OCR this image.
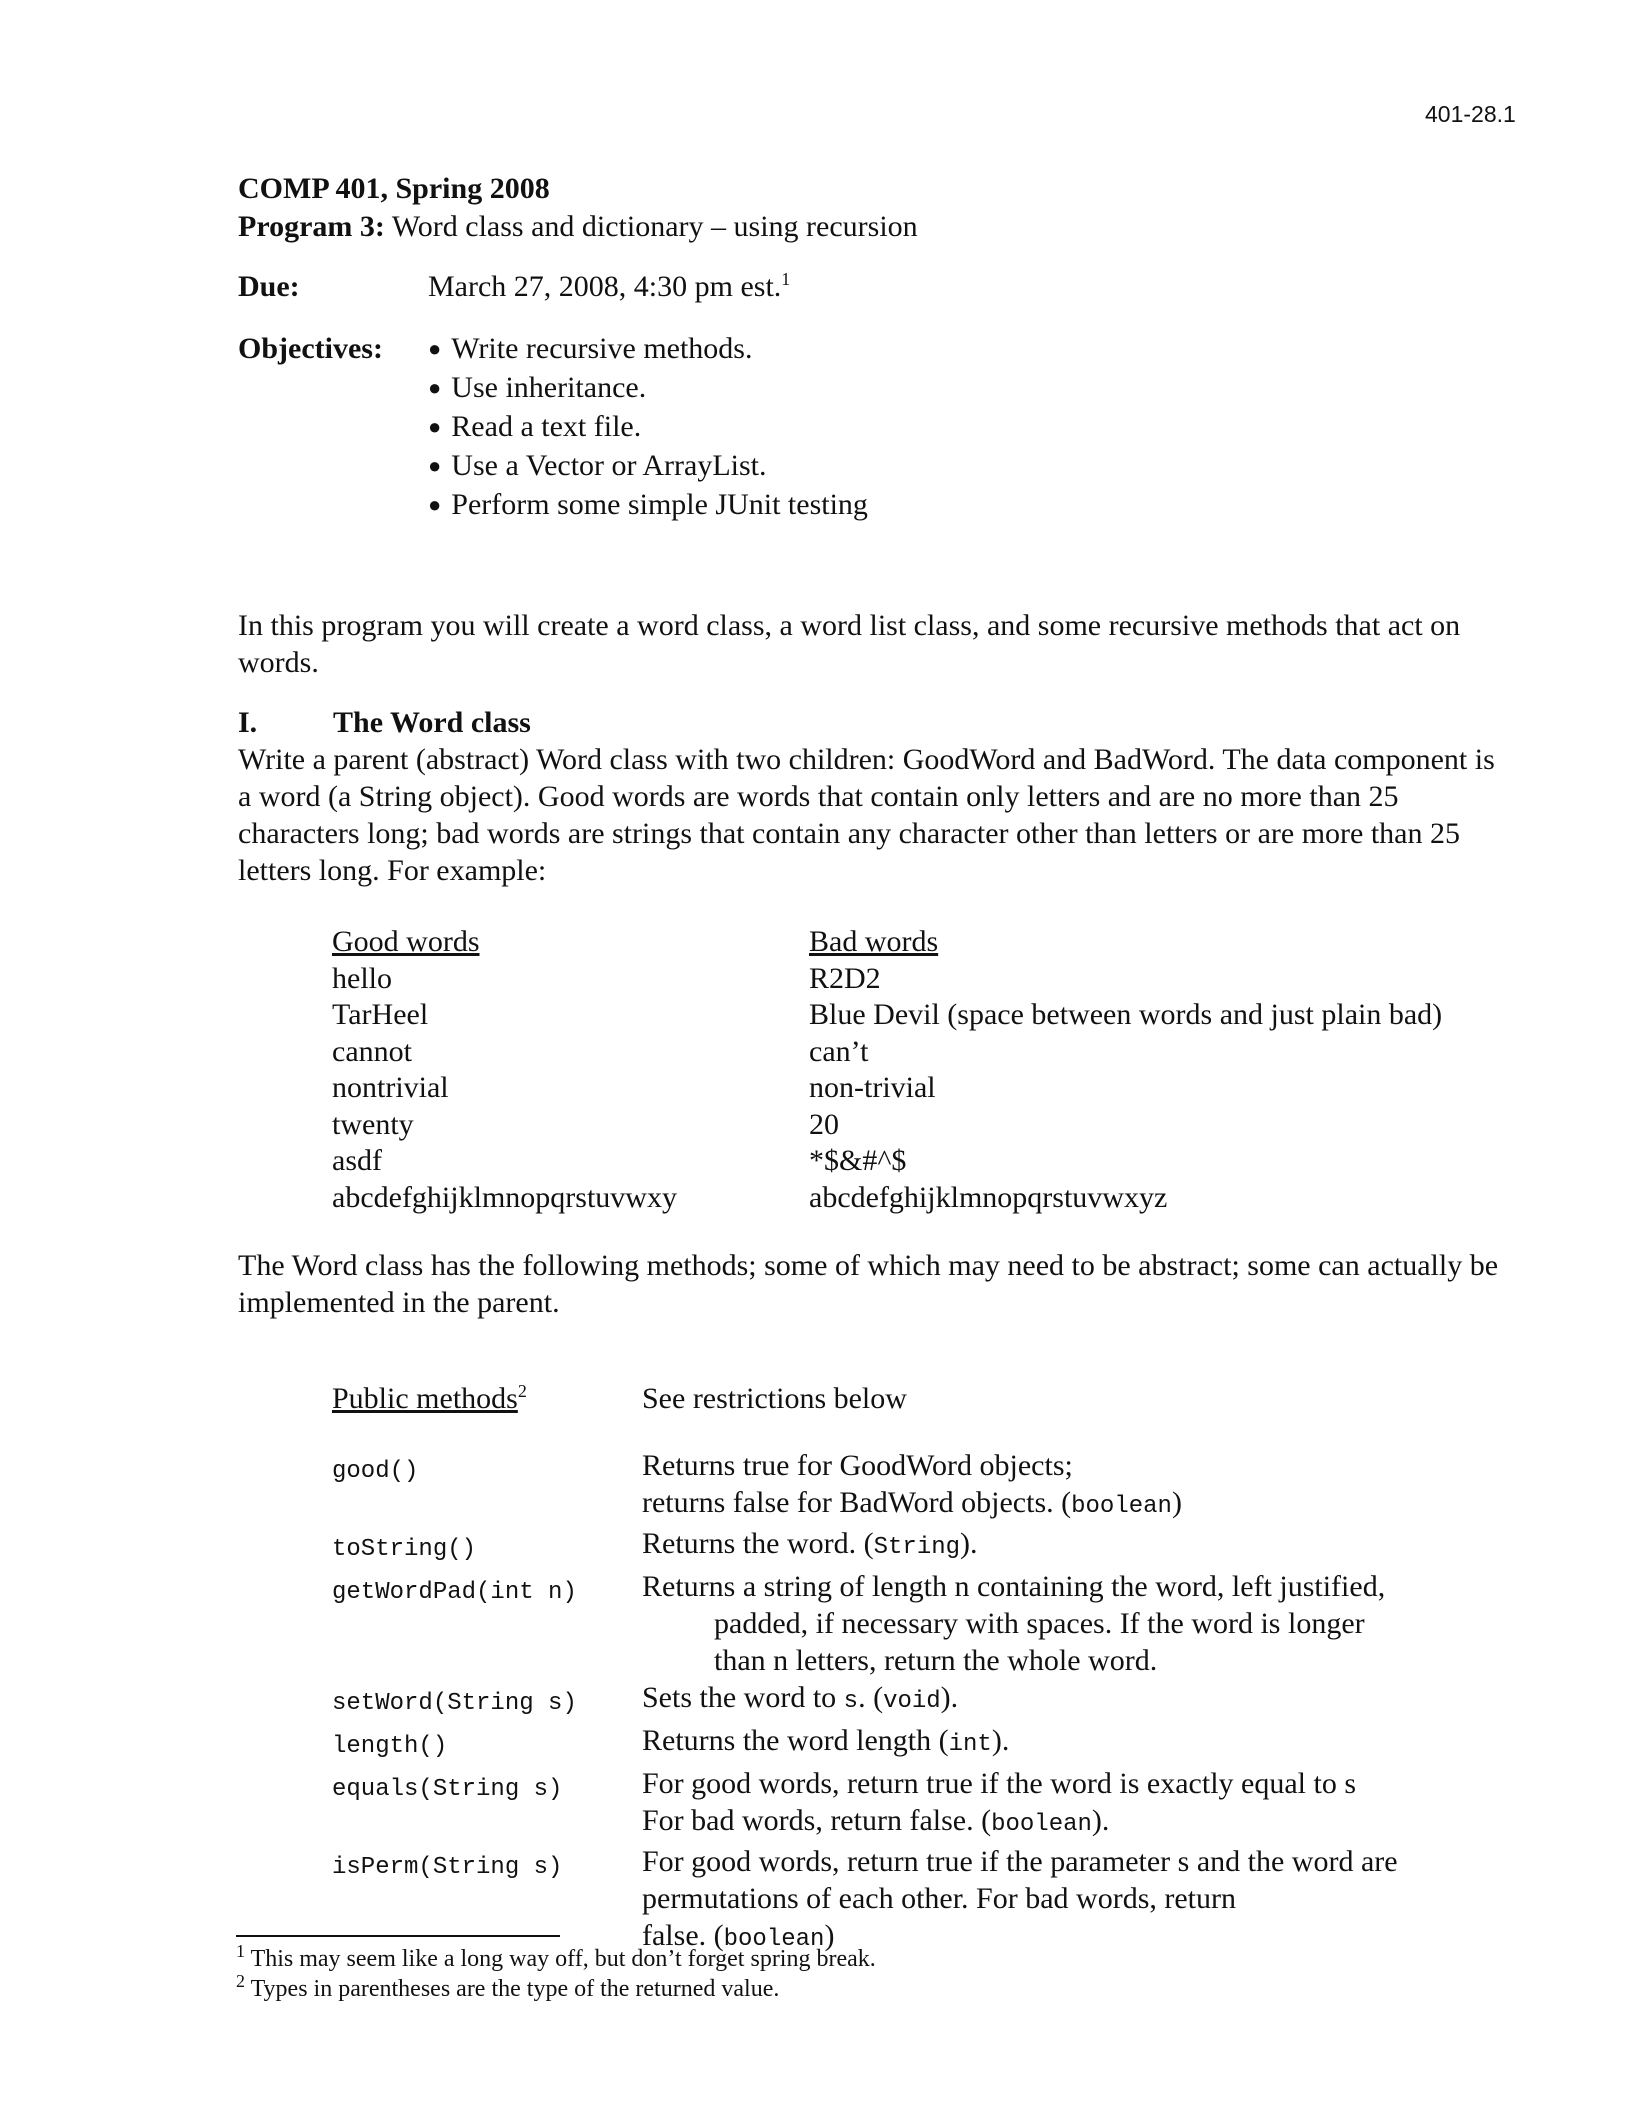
401-28.1
COMP 401, Spring 2008
Program 3: Word class and dictionary – using recursion
Due:	March 27, 2008, 4:30 pm est.$^1$
Objectives:
●	Write recursive methods.
● Use inheritance.
● Read a text file.
● Use a Vector or ArrayList.
● Perform some simple JUnit testing
In this program you will create a word class, a word list class, and some recursive methods that act on words.
I.	The Word class
Write a parent (abstract) Word class with two children: GoodWord and BadWord. The data component is a word (a String object). Good words are words that contain only letters and are no more than 25 characters long; bad words are strings that contain any character other than letters or are more than 25 letters long. For example:
Good words	Bad words
hello	R2D2
TarHeel	Blue Devil (space between words and just plain bad)
cannot	can’t
nontrivial	non-trivial
twenty	20
asdf	*$&#^$
abcdefghijklmnopqrstuvwxy	abcdefghijklmnopqrstuvwxyz
The Word class has the following methods; some of which may need to be abstract; some can actually be implemented in the parent.
Public methods$^2$	See restrictions below
good()	Returns true for GoodWord objects;
returns false for BadWord objects. (boolean)
toString()	Returns the word. (String).
getWordPad(int n)	Returns a string of length n containing the word, left justified,
padded, if necessary with spaces. If the word is longer
than n letters, return the whole word.
setWord(String s)	Sets the word to s. (void).
length()	Returns the word length (int).
equals(String s)	For good words, return true if the word is exactly equal to s
For bad words, return false. (boolean).
isPerm(String s)	For good words, return true if the parameter s and the word are
permutations of each other. For bad words, return
false. (boolean)
$^1$ This may seem like a long way off, but don’t forget spring break.
$^2$ Types in parentheses are the type of the returned value.
